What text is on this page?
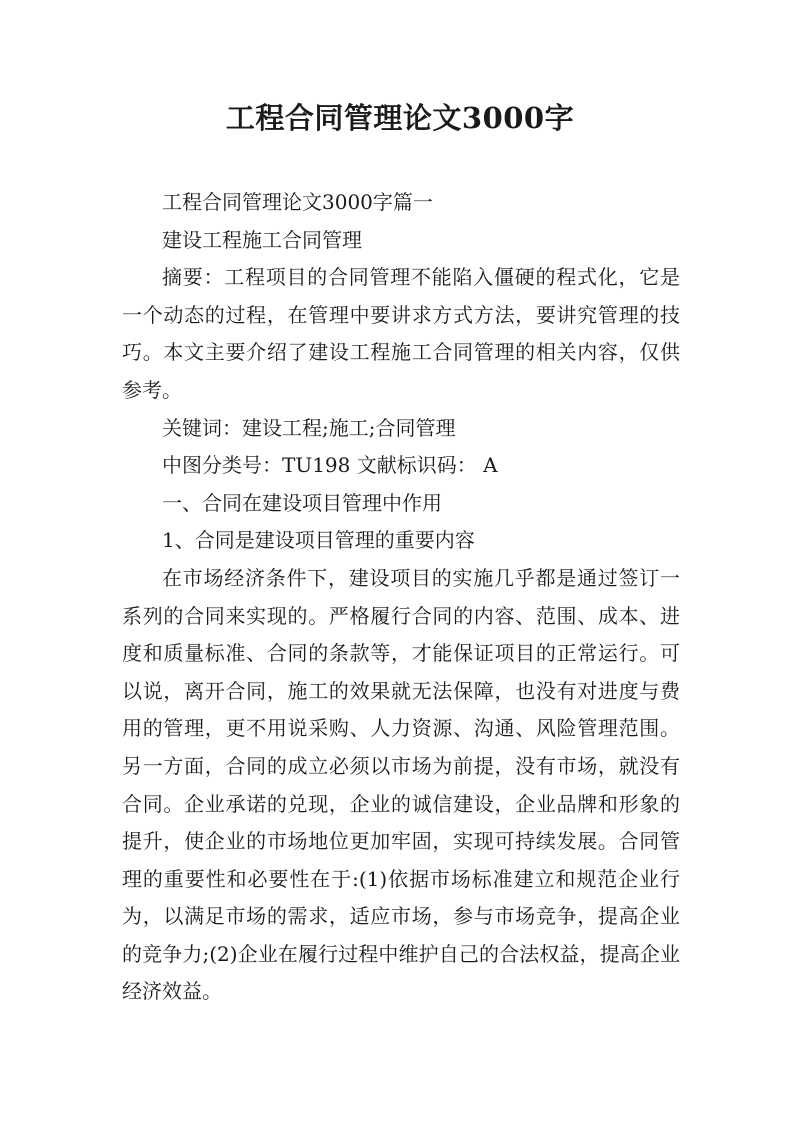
工程合同管理论文3000字

工程合同管理论文3000字篇一

建设工程施工合同管理

摘要：工程项目的合同管理不能陷入僵硬的程式化，它是一个动态的过程，在管理中要讲求方式方法，要讲究管理的技巧。本文主要介绍了建设工程施工合同管理的相关内容，仅供参考。

关键词：建设工程;施工;合同管理

中图分类号：TU198 文献标识码： A

一、合同在建设项目管理中作用

1、合同是建设项目管理的重要内容

在市场经济条件下，建设项目的实施几乎都是通过签订一系列的合同来实现的。严格履行合同的内容、范围、成本、进度和质量标准、合同的条款等，才能保证项目的正常运行。可以说，离开合同，施工的效果就无法保障，也没有对进度与费用的管理，更不用说采购、人力资源、沟通、风险管理范围。另一方面，合同的成立必须以市场为前提，没有市场，就没有合同。企业承诺的兑现，企业的诚信建设，企业品牌和形象的提升，使企业的市场地位更加牢固，实现可持续发展。合同管理的重要性和必要性在于:(1)依据市场标准建立和规范企业行为，以满足市场的需求，适应市场，参与市场竞争，提高企业的竞争力;(2)企业在履行过程中维护自己的合法权益，提高企业经济效益。
